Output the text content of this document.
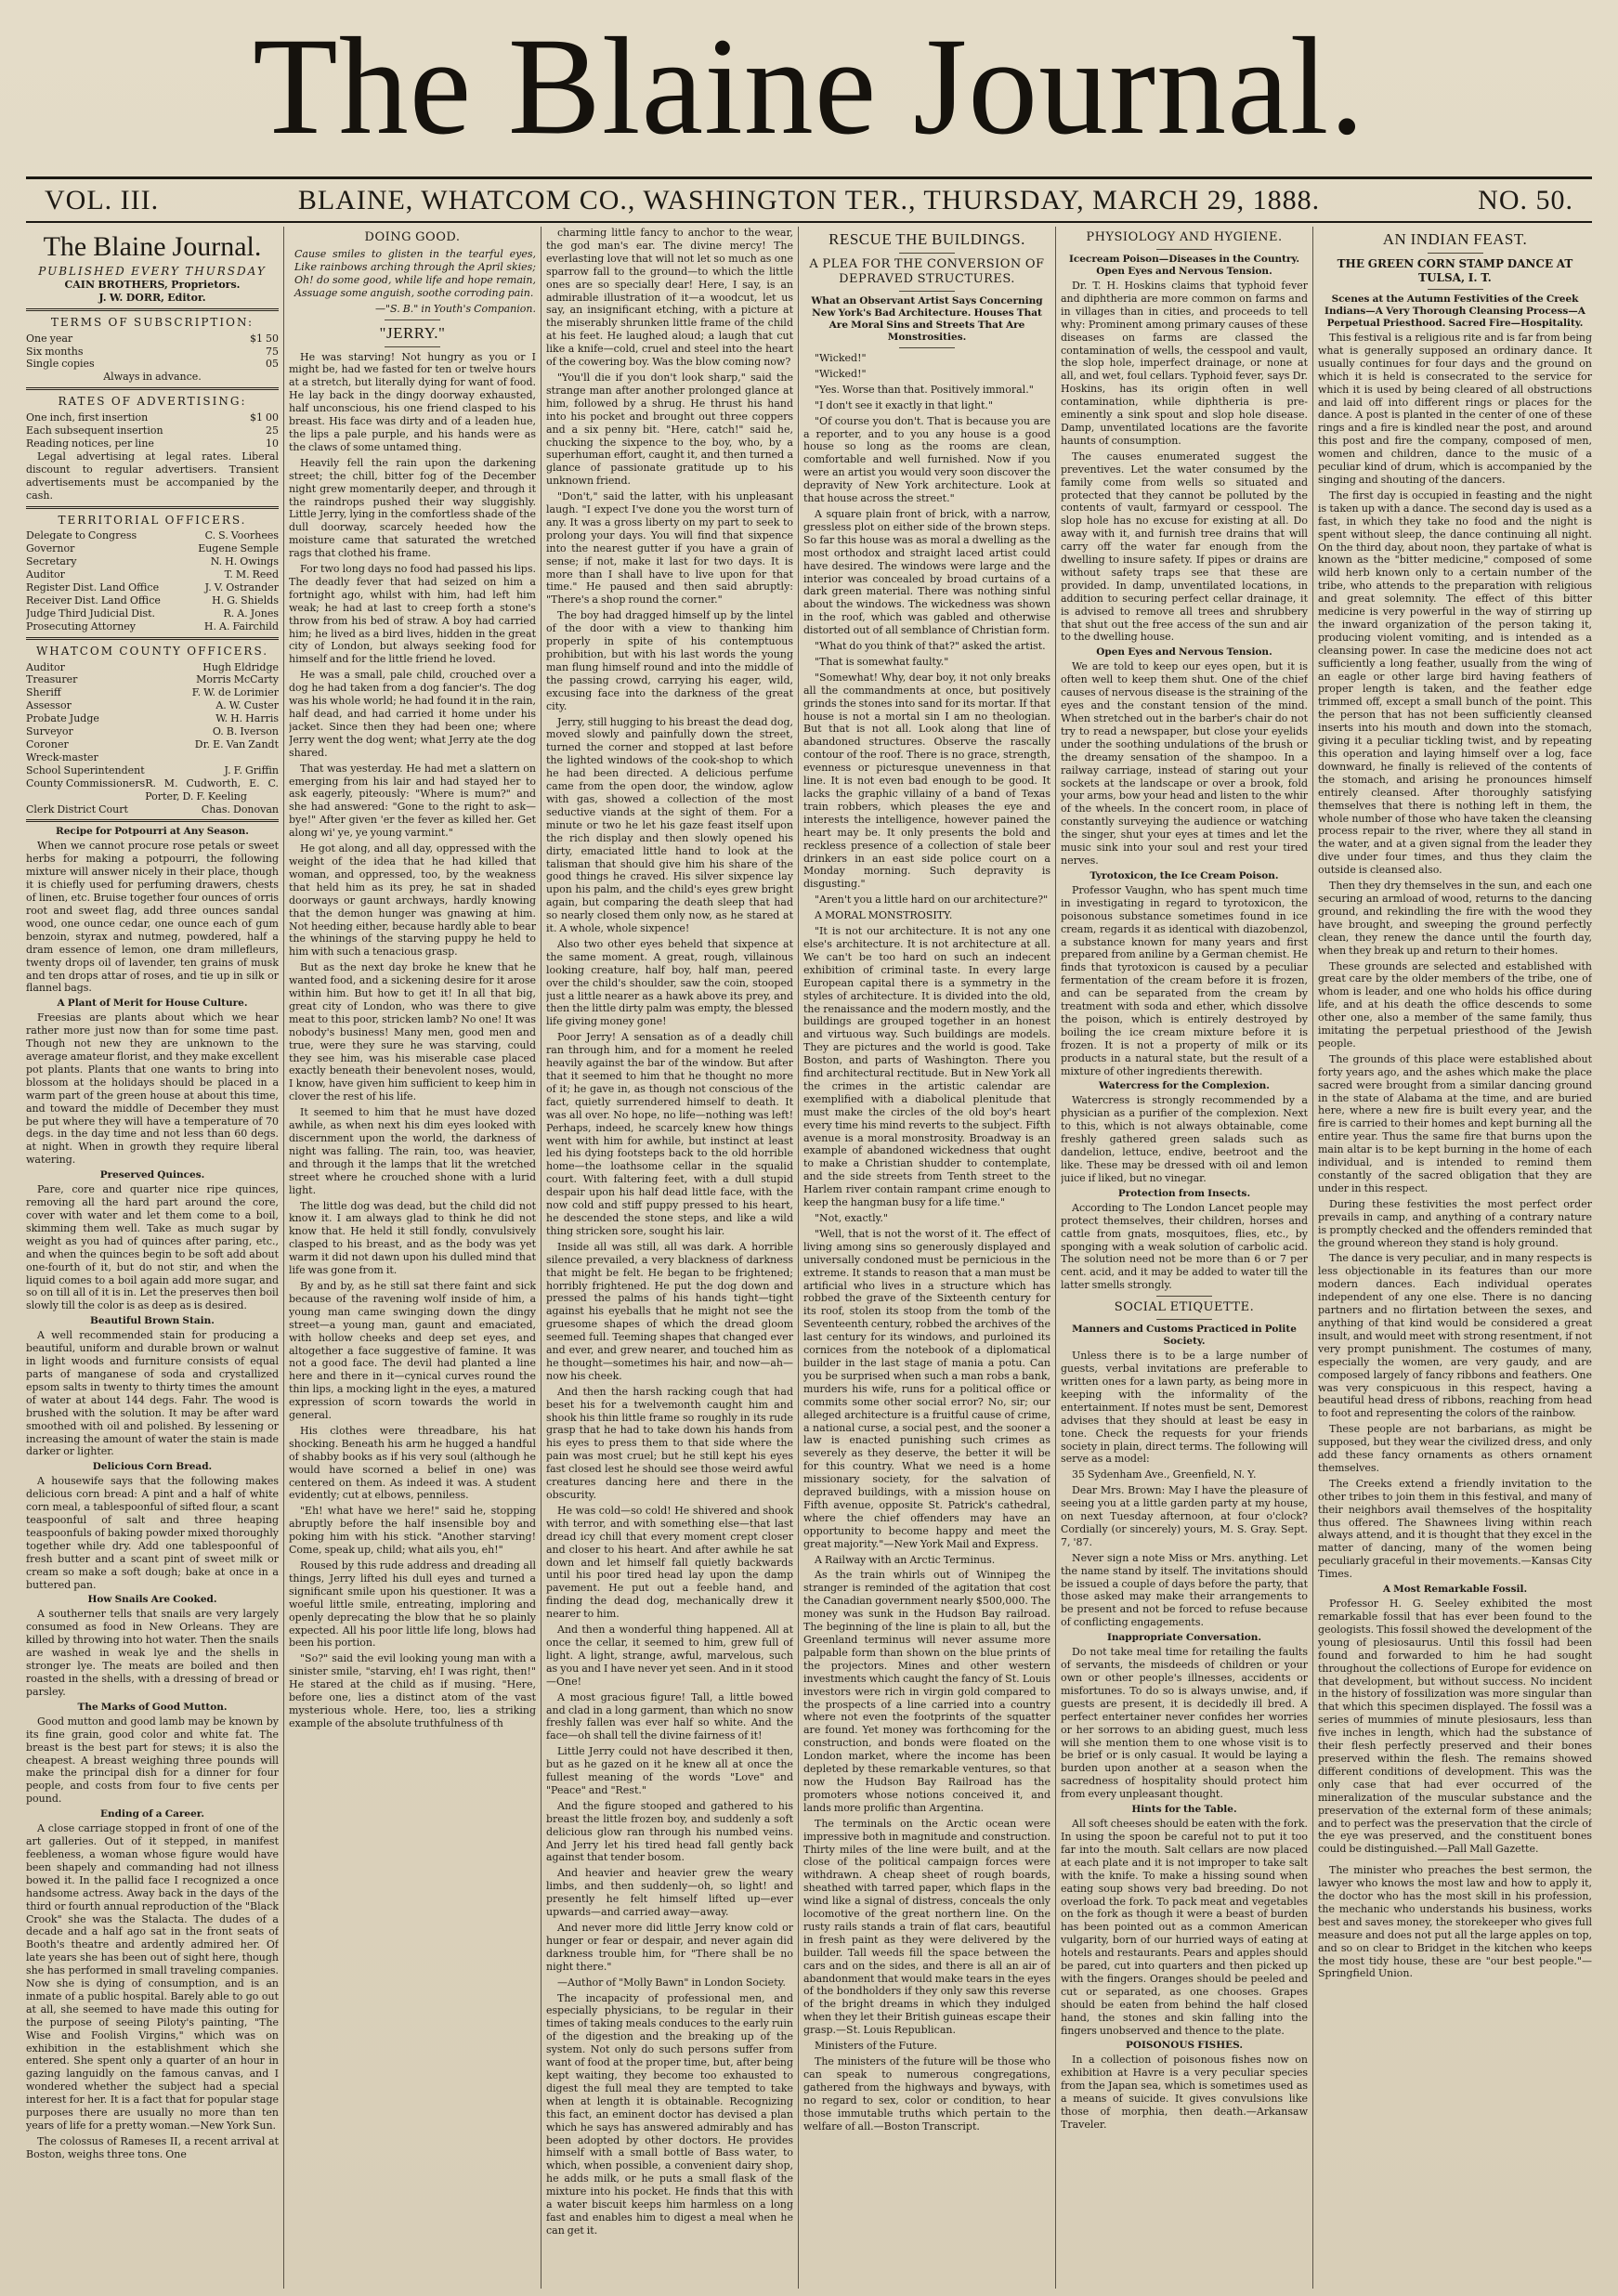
The Blaine Journal.
VOL. III.	BLAINE, WHATCOM CO., WASHINGTON TER., THURSDAY, MARCH 29, 1888.	NO. 50.
The Blaine Journal.
PUBLISHED EVERY THURSDAY
CAIN BROTHERS, Proprietors.
J. W. DORR, Editor.
TERMS OF SUBSCRIPTION:
One year	$1 50
Six months	75
Single copies	05
Always in advance.
RATES OF ADVERTISING:
One inch, first insertion	$1 00
Each subsequent insertion	25
Reading notices, per line	10

Legal advertising at legal rates. Liberal discount to regular advertisers. Transient advertisements must be accompanied by the cash.

TERRITORIAL OFFICERS.
Delegate to Congress	C. S. Voorhees
Governor	Eugene Semple
Secretary	N. H. Owings
Auditor	T. M. Reed
Register Dist. Land Office	J. V. Ostrander
Receiver Dist. Land Office	H. G. Shields
Judge Third Judicial Dist.	R. A. Jones
Prosecuting Attorney	H. A. Fairchild
WHATCOM COUNTY OFFICERS.
Auditor	Hugh Eldridge
Treasurer	Morris McCarty
Sheriff	F. W. de Lorimier
Assessor	A. W. Custer
Probate Judge	W. H. Harris
Surveyor	O. B. Iverson
Coroner	Dr. E. Van Zandt
Wreck-master
School Superintendent	J. F. Griffin
County Commissioners R. M. Cudworth, E. C. Porter, D. F. Keeling
Clerk District Court	Chas. Donovan
Recipe for Potpourri at Any Season.

When we cannot procure rose petals or sweet herbs for making a potpourri, the following mixture will answer nicely in their place, though it is chiefly used for perfuming drawers, chests of linen, etc. Bruise together four ounces of orris root and sweet flag, add three ounces sandal wood, one ounce cedar, one ounce each of gum benzoin, styrax and nutmeg, powdered, half a dram essence of lemon, one dram millefleurs, twenty drops oil of lavender, ten grains of musk and ten drops attar of roses, and tie up in silk or flannel bags.

A Plant of Merit for House Culture.

Freesias are plants about which we hear rather more just now than for some time past. Though not new they are unknown to the average amateur florist, and they make excellent pot plants. Plants that one wants to bring into blossom at the holidays should be placed in a warm part of the green house at about this time, and toward the middle of December they must be put where they will have a temperature of 70 degs. in the day time and not less than 60 degs. at night. When in growth they require liberal watering.

Preserved Quinces.

Pare, core and quarter nice ripe quinces, removing all the hard part around the core, cover with water and let them come to a boil, skimming them well. Take as much sugar by weight as you had of quinces after paring, etc., and when the quinces begin to be soft add about one-fourth of it, but do not stir, and when the liquid comes to a boil again add more sugar, and so on till all of it is in. Let the preserves then boil slowly till the color is as deep as is desired.

Beautiful Brown Stain.

A well recommended stain for producing a beautiful, uniform and durable brown or walnut in light woods and furniture consists of equal parts of manganese of soda and crystallized epsom salts in twenty to thirty times the amount of water at about 144 degs. Fahr. The wood is brushed with the solution. It may be after ward smoothed with oil and polished. By lessening or increasing the amount of water the stain is made darker or lighter.

Delicious Corn Bread.

A housewife says that the following makes delicious corn bread: A pint and a half of white corn meal, a tablespoonful of sifted flour, a scant teaspoonful of salt and three heaping teaspoonfuls of baking powder mixed thoroughly together while dry. Add one tablespoonful of fresh butter and a scant pint of sweet milk or cream so make a soft dough; bake at once in a buttered pan.

How Snails Are Cooked.

A southerner tells that snails are very largely consumed as food in New Orleans. They are killed by throwing into hot water. Then the snails are washed in weak lye and the shells in stronger lye. The meats are boiled and then roasted in the shells, with a dressing of bread or parsley.

The Marks of Good Mutton.

Good mutton and good lamb may be known by its fine grain, good color and white fat. The breast is the best part for stews; it is also the cheapest. A breast weighing three pounds will make the principal dish for a dinner for four people, and costs from four to five cents per pound.

Ending of a Career.

A close carriage stopped in front of one of the art galleries. Out of it stepped, in manifest feebleness, a woman whose figure would have been shapely and commanding had not illness bowed it. In the pallid face I recognized a once handsome actress. Away back in the days of the third or fourth annual reproduction of the "Black Crook" she was the Stalacta. The dudes of a decade and a half ago sat in the front seats of Booth's theatre and ardently admired her. Of late years she has been out of sight here, though she has performed in small traveling companies. Now she is dying of consumption, and is an inmate of a public hospital. Barely able to go out at all, she seemed to have made this outing for the purpose of seeing Piloty's painting, "The Wise and Foolish Virgins," which was on exhibition in the establishment which she entered. She spent only a quarter of an hour in gazing languidly on the famous canvas, and I wondered whether the subject had a special interest for her. It is a fact that for popular stage purposes there are usually no more than ten years of life for a pretty woman.—New York Sun.

The colossus of Rameses II, a recent arrival at Boston, weighs three tons. One

DOING GOOD.

Cause smiles to glisten in the tearful eyes, Like rainbows arching through the April skies; Oh! do some good, while life and hope remain, Assuage some anguish, soothe corroding pain.

—"S. B." in Youth's Companion.
"JERRY."

He was starving! Not hungry as you or I might be, had we fasted for ten or twelve hours at a stretch, but literally dying for want of food. He lay back in the dingy doorway exhausted, half unconscious, his one friend clasped to his breast. His face was dirty and of a leaden hue, the lips a pale purple, and his hands were as the claws of some untamed thing.

Heavily fell the rain upon the darkening street; the chill, bitter fog of the December night grew momentarily deeper, and through it the raindrops pushed their way sluggishly. Little Jerry, lying in the comfortless shade of the dull doorway, scarcely heeded how the moisture came that saturated the wretched rags that clothed his frame.

For two long days no food had passed his lips. The deadly fever that had seized on him a fortnight ago, whilst with him, had left him weak; he had at last to creep forth a stone's throw from his bed of straw. A boy had carried him; he lived as a bird lives, hidden in the great city of London, but always seeking food for himself and for the little friend he loved.

He was a small, pale child, crouched over a dog he had taken from a dog fancier's. The dog was his whole world; he had found it in the rain, half dead, and had carried it home under his jacket. Since then they had been one; where Jerry went the dog went; what Jerry ate the dog shared.

That was yesterday. He had met a slattern on emerging from his lair and had stayed her to ask eagerly, piteously: "Where is mum?" and she had answered: "Gone to the right to ask—bye!" After given 'er the fever as killed her. Get along wi' ye, ye young varmint."

He got along, and all day, oppressed with the weight of the idea that he had killed that woman, and oppressed, too, by the weakness that held him as its prey, he sat in shaded doorways or gaunt archways, hardly knowing that the demon hunger was gnawing at him. Not heeding either, because hardly able to bear the whinings of the starving puppy he held to him with such a tenacious grasp.

But as the next day broke he knew that he wanted food, and a sickening desire for it arose within him. But how to get it! In all that big, great city of London, who was there to give meat to this poor, stricken lamb? No one! It was nobody's business! Many men, good men and true, were they sure he was starving, could they see him, was his miserable case placed exactly beneath their benevolent noses, would, I know, have given him sufficient to keep him in clover the rest of his life.

It seemed to him that he must have dozed awhile, as when next his dim eyes looked with discernment upon the world, the darkness of night was falling. The rain, too, was heavier, and through it the lamps that lit the wretched street where he crouched shone with a lurid light.

The little dog was dead, but the child did not know it. I am always glad to think he did not know that. He held it still fondly, convulsively clasped to his breast, and as the body was yet warm it did not dawn upon his dulled mind that life was gone from it.

By and by, as he still sat there faint and sick because of the ravening wolf inside of him, a young man came swinging down the dingy street—a young man, gaunt and emaciated, with hollow cheeks and deep set eyes, and altogether a face suggestive of famine. It was not a good face. The devil had planted a line here and there in it—cynical curves round the thin lips, a mocking light in the eyes, a matured expression of scorn towards the world in general.

His clothes were threadbare, his hat shocking. Beneath his arm he hugged a handful of shabby books as if his very soul (although he would have scorned a belief in one) was centered on them. As indeed it was. A student evidently; cut at elbows, penniless.

"Eh! what have we here!" said he, stopping abruptly before the half insensible boy and poking him with his stick. "Another starving! Come, speak up, child; what ails you, eh!"

Roused by this rude address and dreading all things, Jerry lifted his dull eyes and turned a significant smile upon his questioner. It was a woeful little smile, entreating, imploring and openly deprecating the blow that he so plainly expected. All his poor little life long, blows had been his portion.

"So?" said the evil looking young man with a sinister smile, "starving, eh! I was right, then!" He stared at the child as if musing. "Here, before one, lies a distinct atom of the vast mysterious whole. Here, too, lies a striking example of the absolute truthfulness of th

charming little fancy to anchor to the wear, the god man's ear. The divine mercy! The everlasting love that will not let so much as one sparrow fall to the ground—to which the little ones are so specially dear! Here, I say, is an admirable illustration of it—a woodcut, let us say, an insignificant etching, with a picture at the miserably shrunken little frame of the child at his feet. He laughed aloud; a laugh that cut like a knife—cold, cruel and steel into the heart of the cowering boy. Was the blow coming now?

"You'll die if you don't look sharp," said the strange man after another prolonged glance at him, followed by a shrug. He thrust his hand into his pocket and brought out three coppers and a six penny bit. "Here, catch!" said he, chucking the sixpence to the boy, who, by a superhuman effort, caught it, and then turned a glance of passionate gratitude up to his unknown friend.

"Don't," said the latter, with his unpleasant laugh. "I expect I've done you the worst turn of any. It was a gross liberty on my part to seek to prolong your days. You will find that sixpence into the nearest gutter if you have a grain of sense; if not, make it last for two days. It is more than I shall have to live upon for that time." He paused and then said abruptly: "There's a shop round the corner."

The boy had dragged himself up by the lintel of the door with a view to thanking him properly in spite of his contemptuous prohibition, but with his last words the young man flung himself round and into the middle of the passing crowd, carrying his eager, wild, excusing face into the darkness of the great city.

Jerry, still hugging to his breast the dead dog, moved slowly and painfully down the street, turned the corner and stopped at last before the lighted windows of the cook-shop to which he had been directed. A delicious perfume came from the open door, the window, aglow with gas, showed a collection of the most seductive viands at the sight of them. For a minute or two he let his gaze feast itself upon the rich display and then slowly opened his dirty, emaciated little hand to look at the talisman that should give him his share of the good things he craved. His silver sixpence lay upon his palm, and the child's eyes grew bright again, but comparing the death sleep that had so nearly closed them only now, as he stared at it. A whole, whole sixpence!

Also two other eyes beheld that sixpence at the same moment. A great, rough, villainous looking creature, half boy, half man, peered over the child's shoulder, saw the coin, stooped just a little nearer as a hawk above its prey, and then the little dirty palm was empty, the blessed life giving money gone!

Poor Jerry! A sensation as of a deadly chill ran through him, and for a moment he reeled heavily against the bar of the window. But after that it seemed to him that he thought no more of it; he gave in, as though not conscious of the fact, quietly surrendered himself to death. It was all over. No hope, no life—nothing was left! Perhaps, indeed, he scarcely knew how things went with him for awhile, but instinct at least led his dying footsteps back to the old horrible home—the loathsome cellar in the squalid court. With faltering feet, with a dull stupid despair upon his half dead little face, with the now cold and stiff puppy pressed to his heart, he descended the stone steps, and like a wild thing stricken sore, sought his lair.

Inside all was still, all was dark. A horrible silence prevailed, a very blackness of darkness that might be felt. He began to be frightened; horribly frightened. He put the dog down and pressed the palms of his hands tight—tight against his eyeballs that he might not see the gruesome shapes of which the dread gloom seemed full. Teeming shapes that changed ever and ever, and grew nearer, and touched him as he thought—sometimes his hair, and now—ah—now his cheek.

And then the harsh racking cough that had beset his for a twelvemonth caught him and shook his thin little frame so roughly in its rude grasp that he had to take down his hands from his eyes to press them to that side where the pain was most cruel; but he still kept his eyes fast closed lest he should see those weird awful creatures dancing here and there in the obscurity.

He was cold—so cold! He shivered and shook with terror, and with something else—that last dread icy chill that every moment crept closer and closer to his heart. And after awhile he sat down and let himself fall quietly backwards until his poor tired head lay upon the damp pavement. He put out a feeble hand, and finding the dead dog, mechanically drew it nearer to him.

And then a wonderful thing happened. All at once the cellar, it seemed to him, grew full of light. A light, strange, awful, marvelous, such as you and I have never yet seen. And in it stood—One!

A most gracious figure! Tall, a little bowed and clad in a long garment, than which no snow freshly fallen was ever half so white. And the face—oh shall tell the divine fairness of it!

Little Jerry could not have described it then, but as he gazed on it he knew all at once the fullest meaning of the words "Love" and "Peace" and "Rest."

And the figure stooped and gathered to his breast the little frozen boy, and suddenly a soft delicious glow ran through his numbed veins. And Jerry let his tired head fall gently back against that tender bosom.

And heavier and heavier grew the weary limbs, and then suddenly—oh, so light! and presently he felt himself lifted up—ever upwards—and carried away—away.

And never more did little Jerry know cold or hunger or fear or despair, and never again did darkness trouble him, for "There shall be no night there."

—Author of "Molly Bawn" in London Society.

The incapacity of professional men, and especially physicians, to be regular in their times of taking meals conduces to the early ruin of the digestion and the breaking up of the system. Not only do such persons suffer from want of food at the proper time, but, after being kept waiting, they become too exhausted to digest the full meal they are tempted to take when at length it is obtainable. Recognizing this fact, an eminent doctor has devised a plan which he says has answered admirably and has been adopted by other doctors. He provides himself with a small bottle of Bass water, to which, when possible, a convenient dairy shop, he adds milk, or he puts a small flask of the mixture into his pocket. He finds that this with a water biscuit keeps him harmless on a long fast and enables him to digest a meal when he can get it.

RESCUE THE BUILDINGS.
A PLEA FOR THE CONVERSION OF DEPRAVED STRUCTURES.
What an Observant Artist Says Concerning New York's Bad Architecture. Houses That Are Moral Sins and Streets That Are Monstrosities.

"Wicked!"

"Wicked!"

"Yes. Worse than that. Positively immoral."

"I don't see it exactly in that light."

"Of course you don't. That is because you are a reporter, and to you any house is a good house so long as the rooms are clean, comfortable and well furnished. Now if you were an artist you would very soon discover the depravity of New York architecture. Look at that house across the street."

A square plain front of brick, with a narrow, gressless plot on either side of the brown steps. So far this house was as moral a dwelling as the most orthodox and straight laced artist could have desired. The windows were large and the interior was concealed by broad curtains of a dark green material. There was nothing sinful about the windows. The wickedness was shown in the roof, which was gabled and otherwise distorted out of all semblance of Christian form.

"What do you think of that?" asked the artist.

"That is somewhat faulty."

"Somewhat! Why, dear boy, it not only breaks all the commandments at once, but positively grinds the stones into sand for its mortar. If that house is not a mortal sin I am no theologian. But that is not all. Look along that line of abandoned structures. Observe the rascally contour of the roof. There is no grace, strength, evenness or picturesque unevenness in that line. It is not even bad enough to be good. It lacks the graphic villainy of a band of Texas train robbers, which pleases the eye and interests the intelligence, however pained the heart may be. It only presents the bold and reckless presence of a collection of stale beer drinkers in an east side police court on a Monday morning. Such depravity is disgusting."

"Aren't you a little hard on our architecture?"

A MORAL MONSTROSITY.

"It is not our architecture. It is not any one else's architecture. It is not architecture at all. We can't be too hard on such an indecent exhibition of criminal taste. In every large European capital there is a symmetry in the styles of architecture. It is divided into the old, the renaissance and the modern mostly, and the buildings are grouped together in an honest and virtuous way. Such buildings are models. They are pictures and the world is good. Take Boston, and parts of Washington. There you find architectural rectitude. But in New York all the crimes in the artistic calendar are exemplified with a diabolical plenitude that must make the circles of the old boy's heart every time his mind reverts to the subject. Fifth avenue is a moral monstrosity. Broadway is an example of abandoned wickedness that ought to make a Christian shudder to contemplate, and the side streets from Tenth street to the Harlem river contain rampant crime enough to keep the hangman busy for a life time."

"Not, exactly."

"Well, that is not the worst of it. The effect of living among sins so generously displayed and universally condoned must be pernicious in the extreme. It stands to reason that a man must be artificial who lives in a structure which has robbed the grave of the Sixteenth century for its roof, stolen its stoop from the tomb of the Seventeenth century, robbed the archives of the last century for its windows, and purloined its cornices from the notebook of a diplomatical builder in the last stage of mania a potu. Can you be surprised when such a man robs a bank, murders his wife, runs for a political office or commits some other social error? No, sir; our alleged architecture is a fruitful cause of crime, a national curse, a social pest, and the sooner a law is enacted punishing such crimes as severely as they deserve, the better it will be for this country. What we need is a home missionary society, for the salvation of depraved buildings, with a mission house on Fifth avenue, opposite St. Patrick's cathedral, where the chief offenders may have an opportunity to become happy and meet the great majority."—New York Mail and Express.

A Railway with an Arctic Terminus.

As the train whirls out of Winnipeg the stranger is reminded of the agitation that cost the Canadian government nearly $500,000. The money was sunk in the Hudson Bay railroad. The beginning of the line is plain to all, but the Greenland terminus will never assume more palpable form than shown on the blue prints of the projectors. Mines and other western investments which caught the fancy of St. Louis investors were rich in virgin gold compared to the prospects of a line carried into a country where not even the footprints of the squatter are found. Yet money was forthcoming for the construction, and bonds were floated on the London market, where the income has been depleted by these remarkable ventures, so that now the Hudson Bay Railroad has the promoters whose notions conceived it, and lands more prolific than Argentina.

The terminals on the Arctic ocean were impressive both in magnitude and construction. Thirty miles of the line were built, and at the close of the political campaign forces were withdrawn. A cheap sheet of rough boards, sheathed with tarred paper, which flaps in the wind like a signal of distress, conceals the only locomotive of the great northern line. On the rusty rails stands a train of flat cars, beautiful in fresh paint as they were delivered by the builder. Tall weeds fill the space between the cars and on the sides, and there is all an air of abandonment that would make tears in the eyes of the bondholders if they only saw this reverse of the bright dreams in which they indulged when they let their British guineas escape their grasp.—St. Louis Republican.

Ministers of the Future.

The ministers of the future will be those who can speak to numerous congregations, gathered from the highways and byways, with no regard to sex, color or condition, to hear those immutable truths which pertain to the welfare of all.—Boston Transcript.

PHYSIOLOGY AND HYGIENE.
Icecream Poison—Diseases in the Country. Open Eyes and Nervous Tension.

Dr. T. H. Hoskins claims that typhoid fever and diphtheria are more common on farms and in villages than in cities, and proceeds to tell why: Prominent among primary causes of these diseases on farms are classed the contamination of wells, the cesspool and vault, the slop hole, imperfect drainage, or none at all, and wet, foul cellars. Typhoid fever, says Dr. Hoskins, has its origin often in well contamination, while diphtheria is pre-eminently a sink spout and slop hole disease. Damp, unventilated locations are the favorite haunts of consumption.

The causes enumerated suggest the preventives. Let the water consumed by the family come from wells so situated and protected that they cannot be polluted by the contents of vault, farmyard or cesspool. The slop hole has no excuse for existing at all. Do away with it, and furnish tree drains that will carry off the water far enough from the dwelling to insure safety. If pipes or drains are without safety traps see that these are provided. In damp, unventilated locations, in addition to securing perfect cellar drainage, it is advised to remove all trees and shrubbery that shut out the free access of the sun and air to the dwelling house.

Open Eyes and Nervous Tension.

We are told to keep our eyes open, but it is often well to keep them shut. One of the chief causes of nervous disease is the straining of the eyes and the constant tension of the mind. When stretched out in the barber's chair do not try to read a newspaper, but close your eyelids under the soothing undulations of the brush or the dreamy sensation of the shampoo. In a railway carriage, instead of staring out your sockets at the landscape or over a brook, fold your arms, bow your head and listen to the whir of the wheels. In the concert room, in place of constantly surveying the audience or watching the singer, shut your eyes at times and let the music sink into your soul and rest your tired nerves.

Tyrotoxicon, the Ice Cream Poison.

Professor Vaughn, who has spent much time in investigating in regard to tyrotoxicon, the poisonous substance sometimes found in ice cream, regards it as identical with diazobenzol, a substance known for many years and first prepared from aniline by a German chemist. He finds that tyrotoxicon is caused by a peculiar fermentation of the cream before it is frozen, and can be separated from the cream by treatment with soda and ether, which dissolve the poison, which is entirely destroyed by boiling the ice cream mixture before it is frozen. It is not a property of milk or its products in a natural state, but the result of a mixture of other ingredients therewith.

Watercress for the Complexion.

Watercress is strongly recommended by a physician as a purifier of the complexion. Next to this, which is not always obtainable, come freshly gathered green salads such as dandelion, lettuce, endive, beetroot and the like. These may be dressed with oil and lemon juice if liked, but no vinegar.

Protection from Insects.

According to The London Lancet people may protect themselves, their children, horses and cattle from gnats, mosquitoes, flies, etc., by sponging with a weak solution of carbolic acid. The solution need not be more than 6 or 7 per cent. acid, and it may be added to water till the latter smells strongly.

SOCIAL ETIQUETTE.
Manners and Customs Practiced in Polite Society.

Unless there is to be a large number of guests, verbal invitations are preferable to written ones for a lawn party, as being more in keeping with the informality of the entertainment. If notes must be sent, Demorest advises that they should at least be easy in tone. Check the requests for your friends society in plain, direct terms. The following will serve as a model:

35 Sydenham Ave., Greenfield, N. Y.

Dear Mrs. Brown: May I have the pleasure of seeing you at a little garden party at my house, on next Tuesday afternoon, at four o'clock? Cordially (or sincerely) yours, M. S. Gray. Sept. 7, '87.

Never sign a note Miss or Mrs. anything. Let the name stand by itself. The invitations should be issued a couple of days before the party, that those asked may make their arrangements to be present and not be forced to refuse because of conflicting engagements.

Inappropriate Conversation.

Do not take meal time for retailing the faults of servants, the misdeeds of children or your own or other people's illnesses, accidents or misfortunes. To do so is always unwise, and, if guests are present, it is decidedly ill bred. A perfect entertainer never confides her worries or her sorrows to an abiding guest, much less will she mention them to one whose visit is to be brief or is only casual. It would be laying a burden upon another at a season when the sacredness of hospitality should protect him from every unpleasant thought.

Hints for the Table.

All soft cheeses should be eaten with the fork. In using the spoon be careful not to put it too far into the mouth. Salt cellars are now placed at each plate and it is not improper to take salt with the knife. To make a hissing sound when eating soup shows very bad breeding. Do not overload the fork. To pack meat and vegetables on the fork as though it were a beast of burden has been pointed out as a common American vulgarity, born of our hurried ways of eating at hotels and restaurants. Pears and apples should be pared, cut into quarters and then picked up with the fingers. Oranges should be peeled and cut or separated, as one chooses. Grapes should be eaten from behind the half closed hand, the stones and skin falling into the fingers unobserved and thence to the plate.

POISONOUS FISHES.

In a collection of poisonous fishes now on exhibition at Havre is a very peculiar species from the Japan sea, which is sometimes used as a means of suicide. It gives convulsions like those of morphia, then death.—Arkansaw Traveler.

AN INDIAN FEAST.
THE GREEN CORN STAMP DANCE AT TULSA, I. T.
Scenes at the Autumn Festivities of the Creek Indians—A Very Thorough Cleansing Process—A Perpetual Priesthood. Sacred Fire—Hospitality.

This festival is a religious rite and is far from being what is generally supposed an ordinary dance. It usually continues for four days and the ground on which it is held is consecrated to the service for which it is used by being cleared of all obstructions and laid off into different rings or places for the dance. A post is planted in the center of one of these rings and a fire is kindled near the post, and around this post and fire the company, composed of men, women and children, dance to the music of a peculiar kind of drum, which is accompanied by the singing and shouting of the dancers.

The first day is occupied in feasting and the night is taken up with a dance. The second day is used as a fast, in which they take no food and the night is spent without sleep, the dance continuing all night. On the third day, about noon, they partake of what is known as the "bitter medicine," composed of some wild herb known only to a certain number of the tribe, who attends to the preparation with religious and great solemnity. The effect of this bitter medicine is very powerful in the way of stirring up the inward organization of the person taking it, producing violent vomiting, and is intended as a cleansing power. In case the medicine does not act sufficiently a long feather, usually from the wing of an eagle or other large bird having feathers of proper length is taken, and the feather edge trimmed off, except a small bunch of the point. This the person that has not been sufficiently cleansed inserts into his mouth and down into the stomach, giving it a peculiar tickling twist, and by repeating this operation and laying himself over a log, face downward, he finally is relieved of the contents of the stomach, and arising he pronounces himself entirely cleansed. After thoroughly satisfying themselves that there is nothing left in them, the whole number of those who have taken the cleansing process repair to the river, where they all stand in the water, and at a given signal from the leader they dive under four times, and thus they claim the outside is cleansed also.

Then they dry themselves in the sun, and each one securing an armload of wood, returns to the dancing ground, and rekindling the fire with the wood they have brought, and sweeping the ground perfectly clean, they renew the dance until the fourth day, when they break up and return to their homes.

These grounds are selected and established with great care by the older members of the tribe, one of whom is leader, and one who holds his office during life, and at his death the office descends to some other one, also a member of the same family, thus imitating the perpetual priesthood of the Jewish people.

The grounds of this place were established about forty years ago, and the ashes which make the place sacred were brought from a similar dancing ground in the state of Alabama at the time, and are buried here, where a new fire is built every year, and the fire is carried to their homes and kept burning all the entire year. Thus the same fire that burns upon the main altar is to be kept burning in the home of each individual, and is intended to remind them constantly of the sacred obligation that they are under in this respect.

During these festivities the most perfect order prevails in camp, and anything of a contrary nature is promptly checked and the offenders reminded that the ground whereon they stand is holy ground.

The dance is very peculiar, and in many respects is less objectionable in its features than our more modern dances. Each individual operates independent of any one else. There is no dancing partners and no flirtation between the sexes, and anything of that kind would be considered a great insult, and would meet with strong resentment, if not very prompt punishment. The costumes of many, especially the women, are very gaudy, and are composed largely of fancy ribbons and feathers. One was very conspicuous in this respect, having a beautiful head dress of ribbons, reaching from head to foot and representing the colors of the rainbow.

These people are not barbarians, as might be supposed, but they wear the civilized dress, and only add these fancy ornaments as others ornament themselves.

The Creeks extend a friendly invitation to the other tribes to join them in this festival, and many of their neighbors avail themselves of the hospitality thus offered. The Shawnees living within reach always attend, and it is thought that they excel in the matter of dancing, many of the women being peculiarly graceful in their movements.—Kansas City Times.

A Most Remarkable Fossil.

Professor H. G. Seeley exhibited the most remarkable fossil that has ever been found to the geologists. This fossil showed the development of the young of plesiosaurus. Until this fossil had been found and forwarded to him he had sought throughout the collections of Europe for evidence on that development, but without success. No incident in the history of fossilization was more singular than that which this specimen displayed. The fossil was a series of mummies of minute plesiosaurs, less than five inches in length, which had the substance of their flesh perfectly preserved and their bones preserved within the flesh. The remains showed different conditions of development. This was the only case that had ever occurred of the mineralization of the muscular substance and the preservation of the external form of these animals; and to perfect was the preservation that the circle of the eye was preserved, and the constituent bones could be distinguished.—Pall Mall Gazette.

The minister who preaches the best sermon, the lawyer who knows the most law and how to apply it, the doctor who has the most skill in his profession, the mechanic who understands his business, works best and saves money, the storekeeper who gives full measure and does not put all the large apples on top, and so on clear to Bridget in the kitchen who keeps the most tidy house, these are "our best people."—Springfield Union.
